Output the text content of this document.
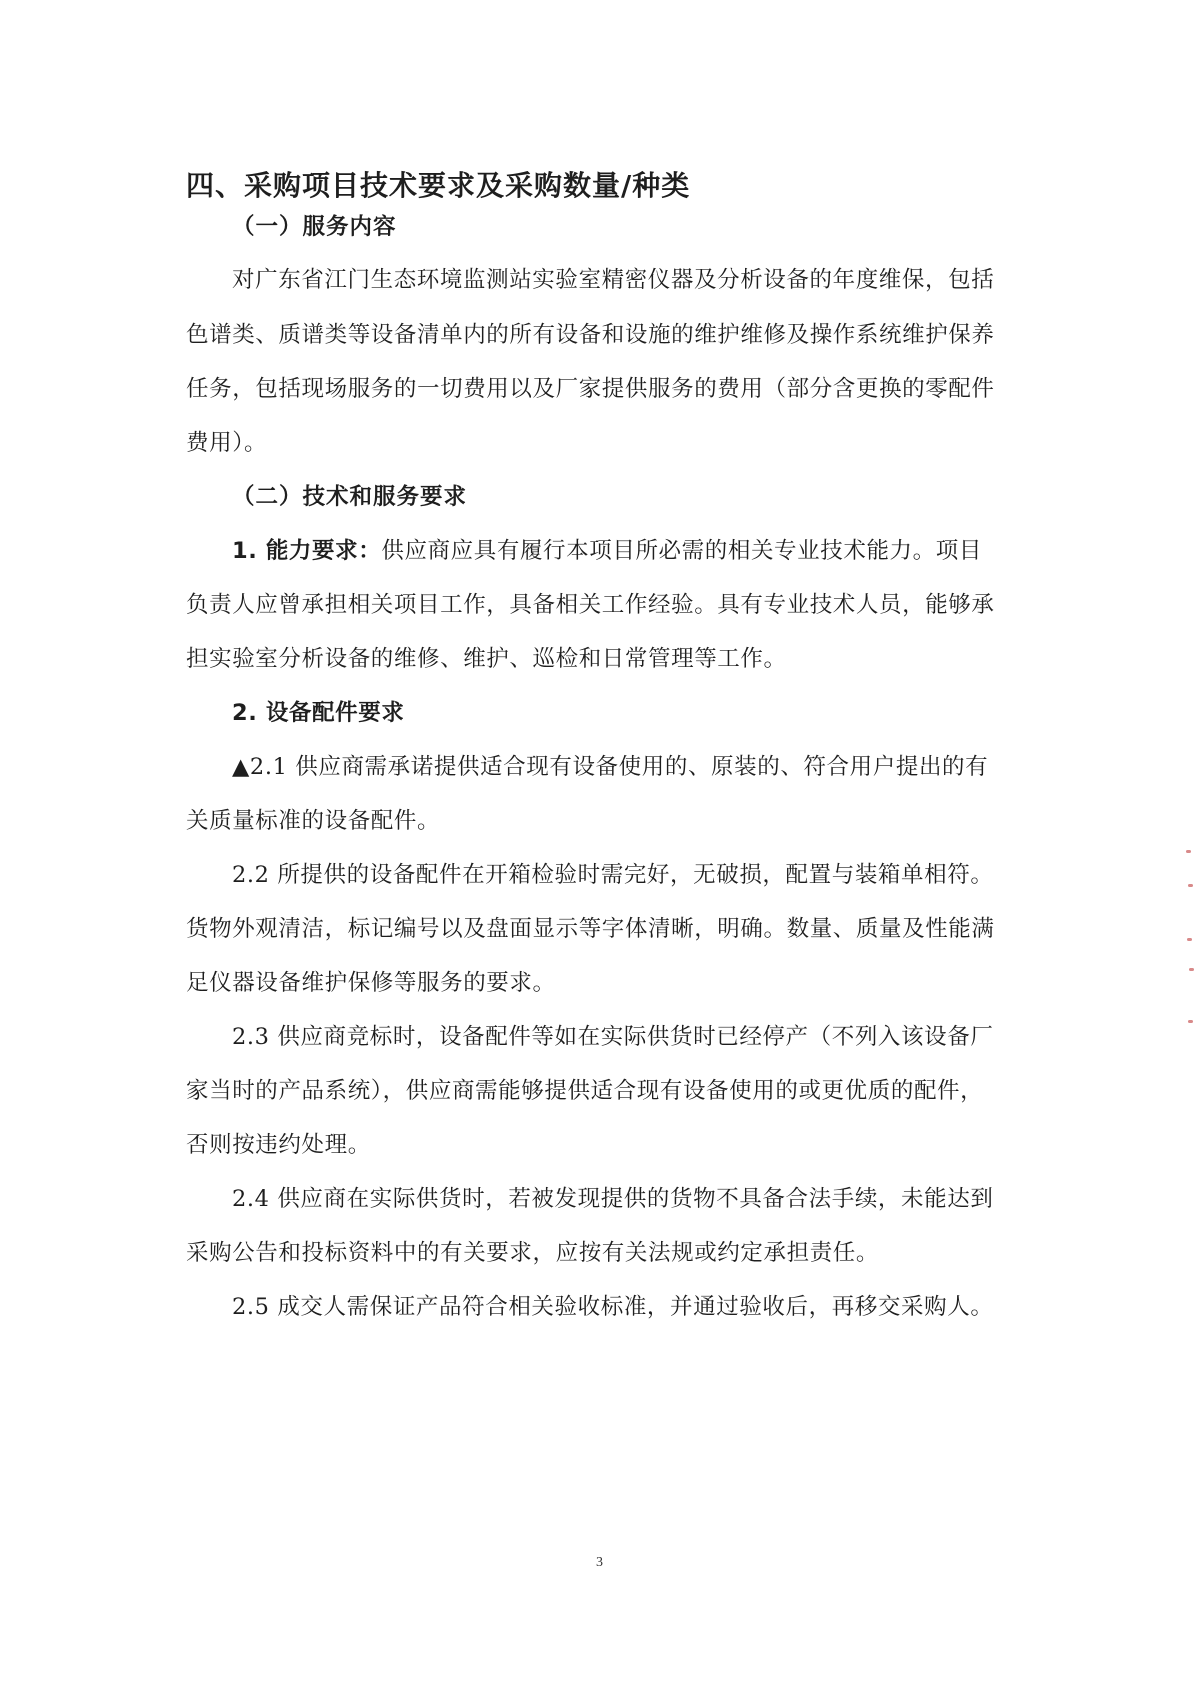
四、采购项目技术要求及采购数量/种类
（一）服务内容
对广东省江门生态环境监测站实验室精密仪器及分析设备的年度维保，包括
色谱类、质谱类等设备清单内的所有设备和设施的维护维修及操作系统维护保养
任务，包括现场服务的一切费用以及厂家提供服务的费用（部分含更换的零配件
费用）。
（二）技术和服务要求
1. 能力要求：供应商应具有履行本项目所必需的相关专业技术能力。项目
负责人应曾承担相关项目工作，具备相关工作经验。具有专业技术人员，能够承
担实验室分析设备的维修、维护、巡检和日常管理等工作。
2. 设备配件要求
▲2.1 供应商需承诺提供适合现有设备使用的、原装的、符合用户提出的有
关质量标准的设备配件。
2.2 所提供的设备配件在开箱检验时需完好，无破损，配置与装箱单相符。
货物外观清洁，标记编号以及盘面显示等字体清晰，明确。数量、质量及性能满
足仪器设备维护保修等服务的要求。
2.3 供应商竞标时，设备配件等如在实际供货时已经停产（不列入该设备厂
家当时的产品系统），供应商需能够提供适合现有设备使用的或更优质的配件，
否则按违约处理。
2.4 供应商在实际供货时，若被发现提供的货物不具备合法手续，未能达到
采购公告和投标资料中的有关要求，应按有关法规或约定承担责任。
2.5 成交人需保证产品符合相关验收标准，并通过验收后，再移交采购人。
3
